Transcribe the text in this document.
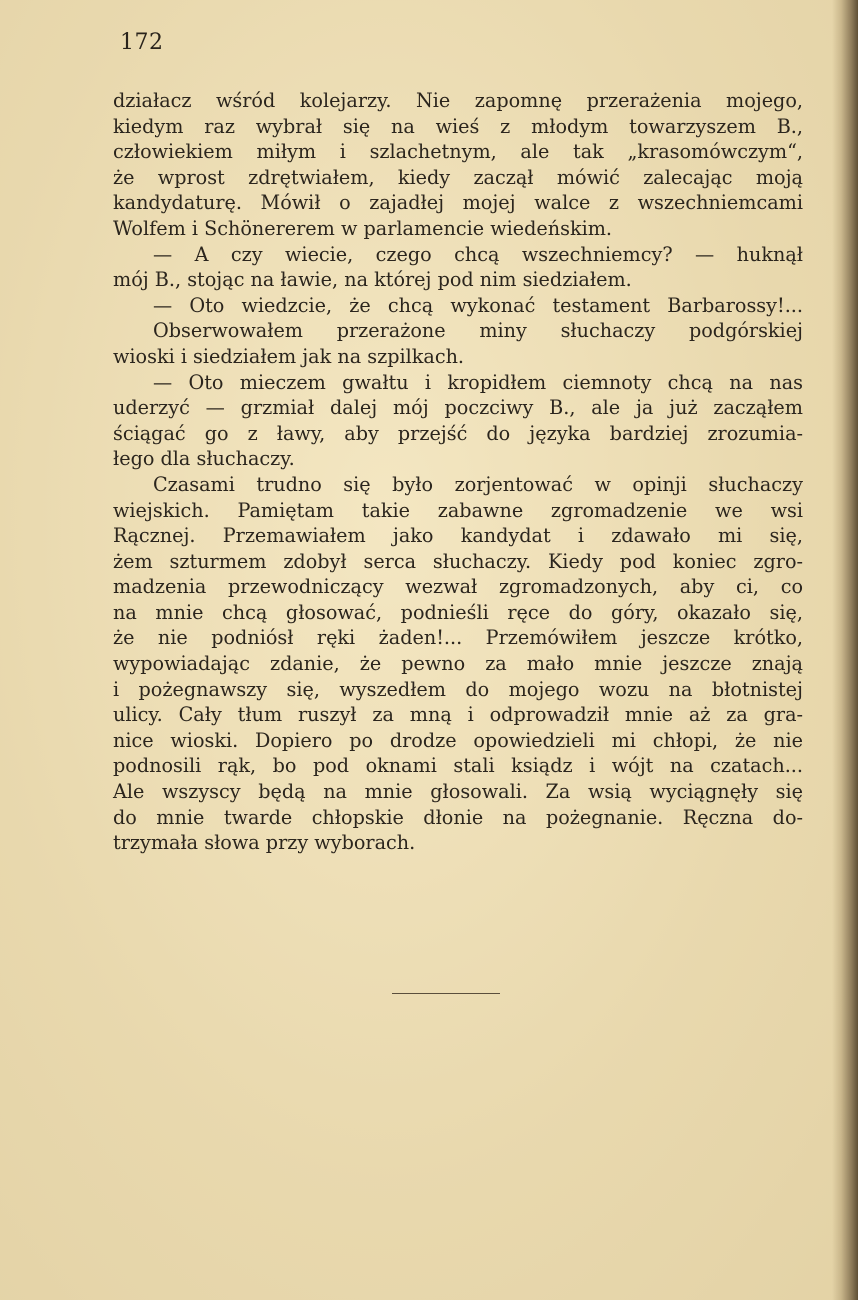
172
działacz wśród kolejarzy. Nie zapomnę przerażenia mojego,
kiedym raz wybrał się na wieś z młodym towarzyszem B.,
człowiekiem miłym i szlachetnym, ale tak „krasomówczym“,
że wprost zdrętwiałem, kiedy zaczął mówić zalecając moją
kandydaturę. Mówił o zajadłej mojej walce z wszechniemcami
Wolfem i Schönererem w parlamencie wiedeńskim.
— A czy wiecie, czego chcą wszechniemcy? — huknął
mój B., stojąc na ławie, na której pod nim siedziałem.
— Oto wiedzcie, że chcą wykonać testament Barbarossy!...
Obserwowałem przerażone miny słuchaczy podgórskiej
wioski i siedziałem jak na szpilkach.
— Oto mieczem gwałtu i kropidłem ciemnoty chcą na nas
uderzyć — grzmiał dalej mój poczciwy B., ale ja już zacząłem
ściągać go z ławy, aby przejść do języka bardziej zrozumia-
łego dla słuchaczy.
Czasami trudno się było zorjentować w opinji słuchaczy
wiejskich. Pamiętam takie zabawne zgromadzenie we wsi
Rącznej. Przemawiałem jako kandydat i zdawało mi się,
żem szturmem zdobył serca słuchaczy. Kiedy pod koniec zgro-
madzenia przewodniczący wezwał zgromadzonych, aby ci, co
na mnie chcą głosować, podnieśli ręce do góry, okazało się,
że nie podniósł ręki żaden!... Przemówiłem jeszcze krótko,
wypowiadając zdanie, że pewno za mało mnie jeszcze znają
i pożegnawszy się, wyszedłem do mojego wozu na błotnistej
ulicy. Cały tłum ruszył za mną i odprowadził mnie aż za gra-
nice wioski. Dopiero po drodze opowiedzieli mi chłopi, że nie
podnosili rąk, bo pod oknami stali ksiądz i wójt na czatach...
Ale wszyscy będą na mnie głosowali. Za wsią wyciągnęły się
do mnie twarde chłopskie dłonie na pożegnanie. Ręczna do-
trzymała słowa przy wyborach.
